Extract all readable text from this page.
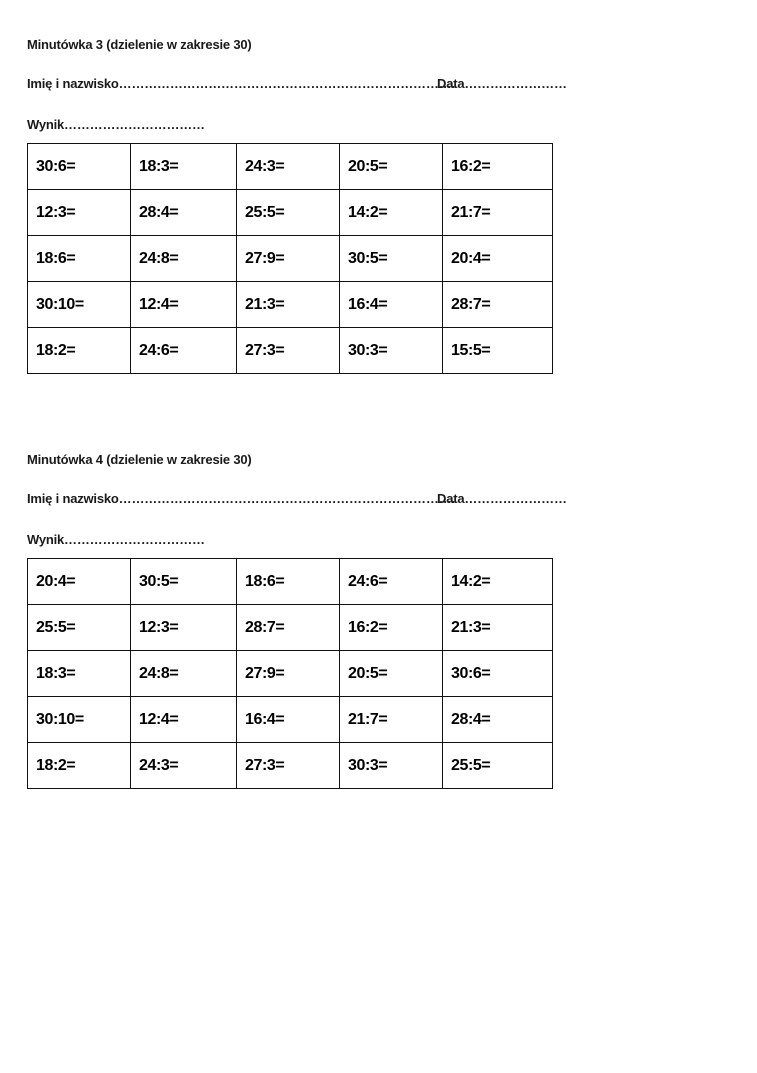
Minutówka 3 (dzielenie w zakresie 30)
Imię i nazwisko…………………………………………………………………….
Data……………………
Wynik……………………………
30:6=	18:3=	24:3=	20:5=	16:2=
12:3=	28:4=	25:5=	14:2=	21:7=
18:6=	24:8=	27:9=	30:5=	20:4=
30:10=	12:4=	21:3=	16:4=	28:7=
18:2=	24:6=	27:3=	30:3=	15:5=
Minutówka 4 (dzielenie w zakresie 30)
Imię i nazwisko…………………………………………………………………….
Data……………………
Wynik……………………………
20:4=	30:5=	18:6=	24:6=	14:2=
25:5=	12:3=	28:7=	16:2=	21:3=
18:3=	24:8=	27:9=	20:5=	30:6=
30:10=	12:4=	16:4=	21:7=	28:4=
18:2=	24:3=	27:3=	30:3=	25:5=
